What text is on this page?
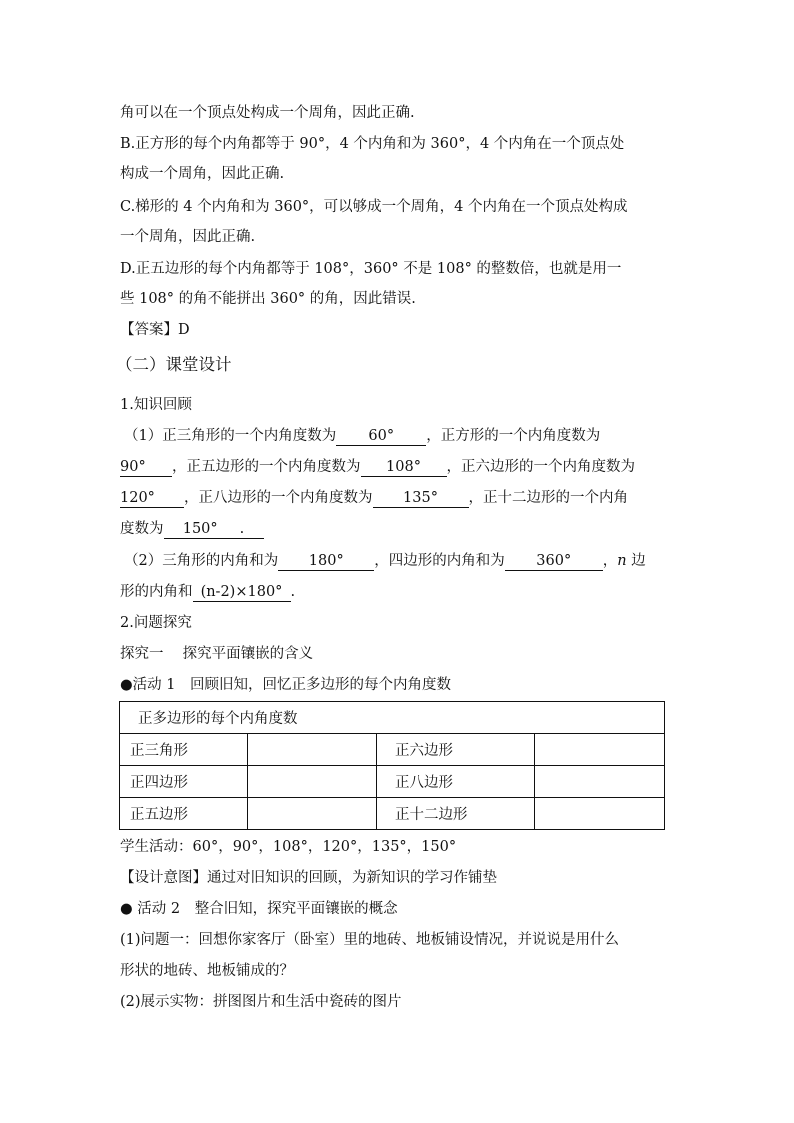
角可以在一个顶点处构成一个周角，因此正确.
B.正方形的每个内角都等于 90°，4 个内角和为 360°，4 个内角在一个顶点处
构成一个周角，因此正确.
C.梯形的 4 个内角和为 360°，可以够成一个周角，4 个内角在一个顶点处构成
一个周角，因此正确.
D.正五边形的每个内角都等于 108°，360° 不是 108° 的整数倍，也就是用一
些 108° 的角不能拼出 360° 的角，因此错误.
【答案】D
（二）课堂设计
1.知识回顾
（1）正三角形的一个内角度数为 60° ，正方形的一个内角度数为
90° ，正五边形的一个内角度数为 108° ，正六边形的一个内角度数为
120° ，正八边形的一个内角度数为 135° ，正十二边形的一个内角
度数为 150° .
（2）三角形的内角和为 180° ，四边形的内角和为 360° ，n 边
形的内角和 (n-2)×180° .
2.问题探究
探究一　 探究平面镶嵌的含义
●活动 1　回顾旧知，回忆正多边形的每个内角度数
正多边形的每个内角度数			
正三角形		正六边形	
正四边形		正八边形	
正五边形		正十二边形	
学生活动：60°，90°，108°，120°，135°，150°
【设计意图】通过对旧知识的回顾，为新知识的学习作铺垫
● 活动 2　整合旧知，探究平面镶嵌的概念
(1)问题一：回想你家客厅（卧室）里的地砖、地板铺设情况，并说说是用什么
形状的地砖、地板铺成的？
(2)展示实物：拼图图片和生活中瓷砖的图片
